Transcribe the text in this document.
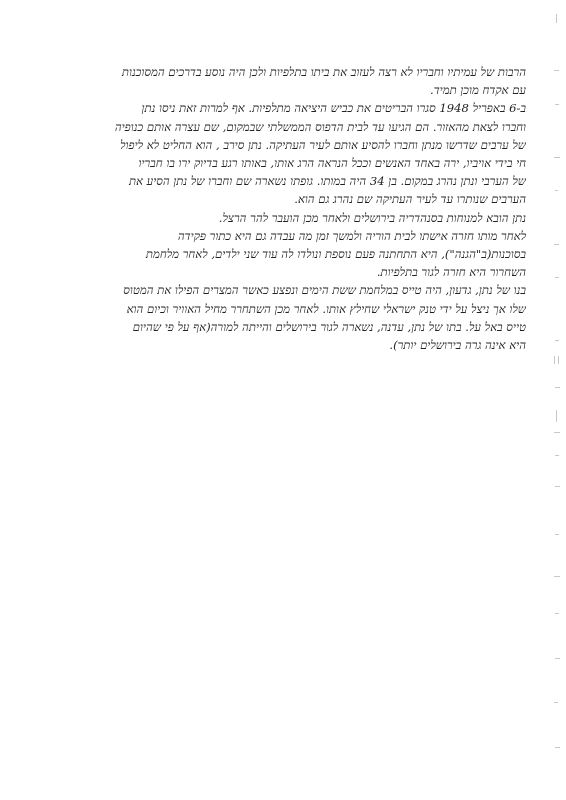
הרבות של עמיתיו וחבריו לא רצה לעזוב את ביתו בתלפיות ולכן היה נוסע בדרכים המסוכנות
עם אקדח מוכן תמיד.
ב-6 באפריל 1948 סגרו הבריטים את כביש היציאה מתלפיות. אף למרות זאת ניסו נתן
וחברו לצאת מהאזור. הם הגיעו עד לבית הדפוס הממשלתי שבמקום, שם עצרה אותם כנופיה
של ערבים שדרשו מנתן וחברו להסיע אותם לעיר העתיקה. נתן סירב , הוא החליט לא ליפול
חי בידי אויביו, ירה באחד האנשים וככל הנראה הרג אותו, באותו רגע בדיוק ירו בו חבריו
של הערבי ונתן נהרג במקום. בן 34 היה במותו. גופתו נשארה שם וחברו של נתן הסיע את
הערבים שנותרו עד לעיר העתיקה שם נהרג גם הוא.
נתן הובא למנוחות בסנהדריה בירושלים ולאחר מכן הועבר להר הרצל.
לאחר מותו חזרה אישתו לבית הוריה ולמשך זמן מה עבדה גם היא כתור פקידה
בסוכנות(ב"הגנה"), היא התחתנה פעם נוספת ונולדו לה עוד שני ילדים, לאחר מלחמת
השחרור היא חזרה לגור בתלפיות.
בנו של נתן, גדעון, היה טייס במלחמת ששת הימים ונפצע כאשר המצרים הפילו את המטוס
שלו אך ניצל על ידי טנק ישראלי שחילץ אותו. לאחר מכן השתחרר מחיל האוויר וכיום הוא
טייס באל על. בתו של נתן, עדנה, נשארה לגור בירושלים והייתה למורה(אף על פי שהיום
היא אינה גרה בירושלים יותר).
